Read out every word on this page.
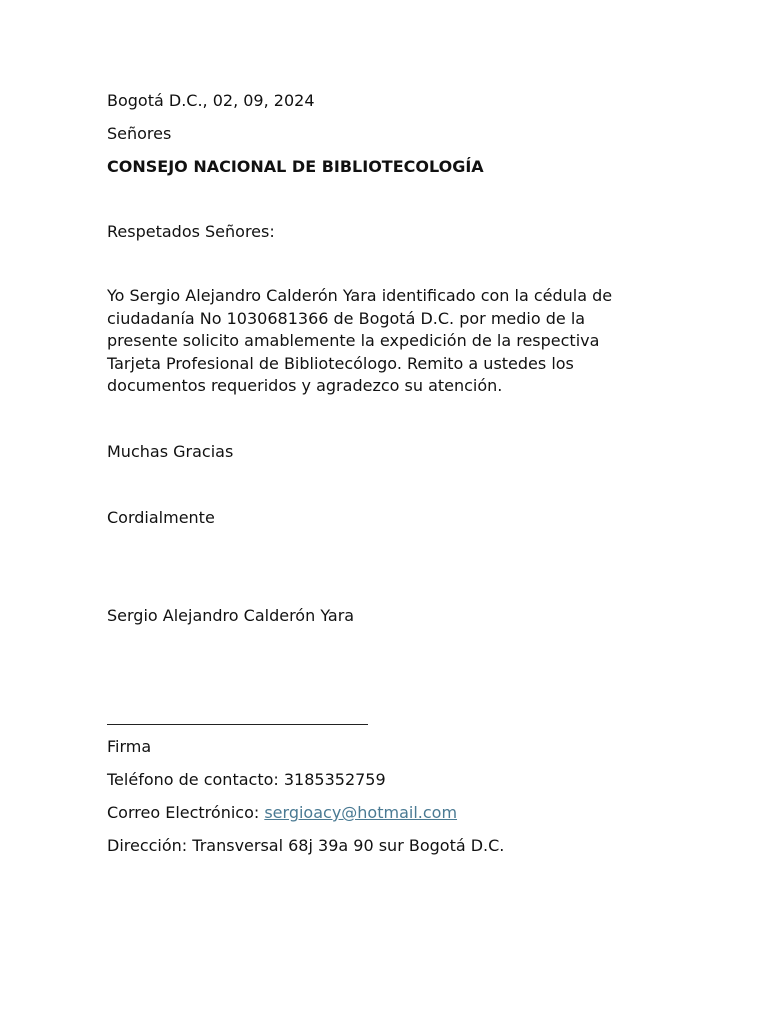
Bogotá D.C., 02, 09, 2024
Señores
CONSEJO NACIONAL DE BIBLIOTECOLOGÍA
Respetados Señores:
Yo Sergio Alejandro Calderón Yara identificado con la cédula de
ciudadanía No 1030681366 de Bogotá D.C. por medio de la
presente solicito amablemente la expedición de la respectiva
Tarjeta Profesional de Bibliotecólogo. Remito a ustedes los
documentos requeridos y agradezco su atención.
Muchas Gracias
Cordialmente
Sergio Alejandro Calderón Yara
Firma
Teléfono de contacto: 3185352759
Correo Electrónico: sergioacy@hotmail.com
Dirección: Transversal 68j 39a 90 sur Bogotá D.C.
